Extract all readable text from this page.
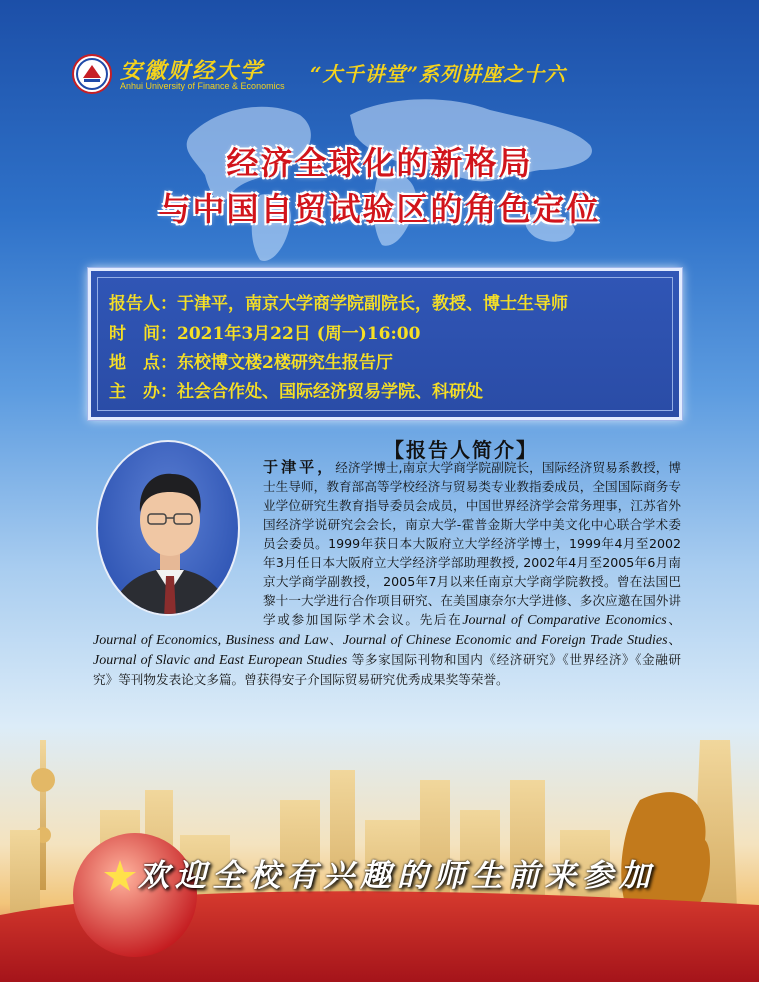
安徽财经大学
Anhui University of Finance & Economics “大千讲堂”系列讲座之十六
经济全球化的新格局
与中国自贸试验区的角色定位
报告人：于津平，南京大学商学院副院长，教授、博士生导师
时　间：2021年3月22日 (周一)16:00
地　点：东校博文楼2楼研究生报告厅
主　办：社会合作处、国际经济贸易学院、科研处
【报告人简介】
于津平，经济学博士,南京大学商学院副院长，国际经济贸易系教授，博士生导师，教育部高等学校经济与贸易类专业教指委成员，全国国际商务专业学位研究生教育指导委员会成员，中国世界经济学会常务理事，江苏省外国经济学说研究会会长，南京大学-霍普金斯大学中美文化中心联合学术委员会委员。1999年获日本大阪府立大学经济学博士，1999年4月至2002年3月任日本大阪府立大学经济学部助理教授, 2002年4月至2005年6月南京大学商学副教授， 2005年7月以来任南京大学商学院教授。曾在法国巴黎十一大学进行合作项目研究、在美国康奈尔大学进修、多次应邀在国外讲学或参加国际学术会议。先后在Journal of Comparative Economics、Journal of Economics, Business and Law、Journal of Chinese Economic and Foreign Trade Studies、Journal of Slavic and East European Studies 等多家国际刊物和国内《经济研究》《世界经济》《金融研究》等刊物发表论文多篇。曾获得安子介国际贸易研究优秀成果奖等荣誉。
欢迎全校有兴趣的师生前来参加
